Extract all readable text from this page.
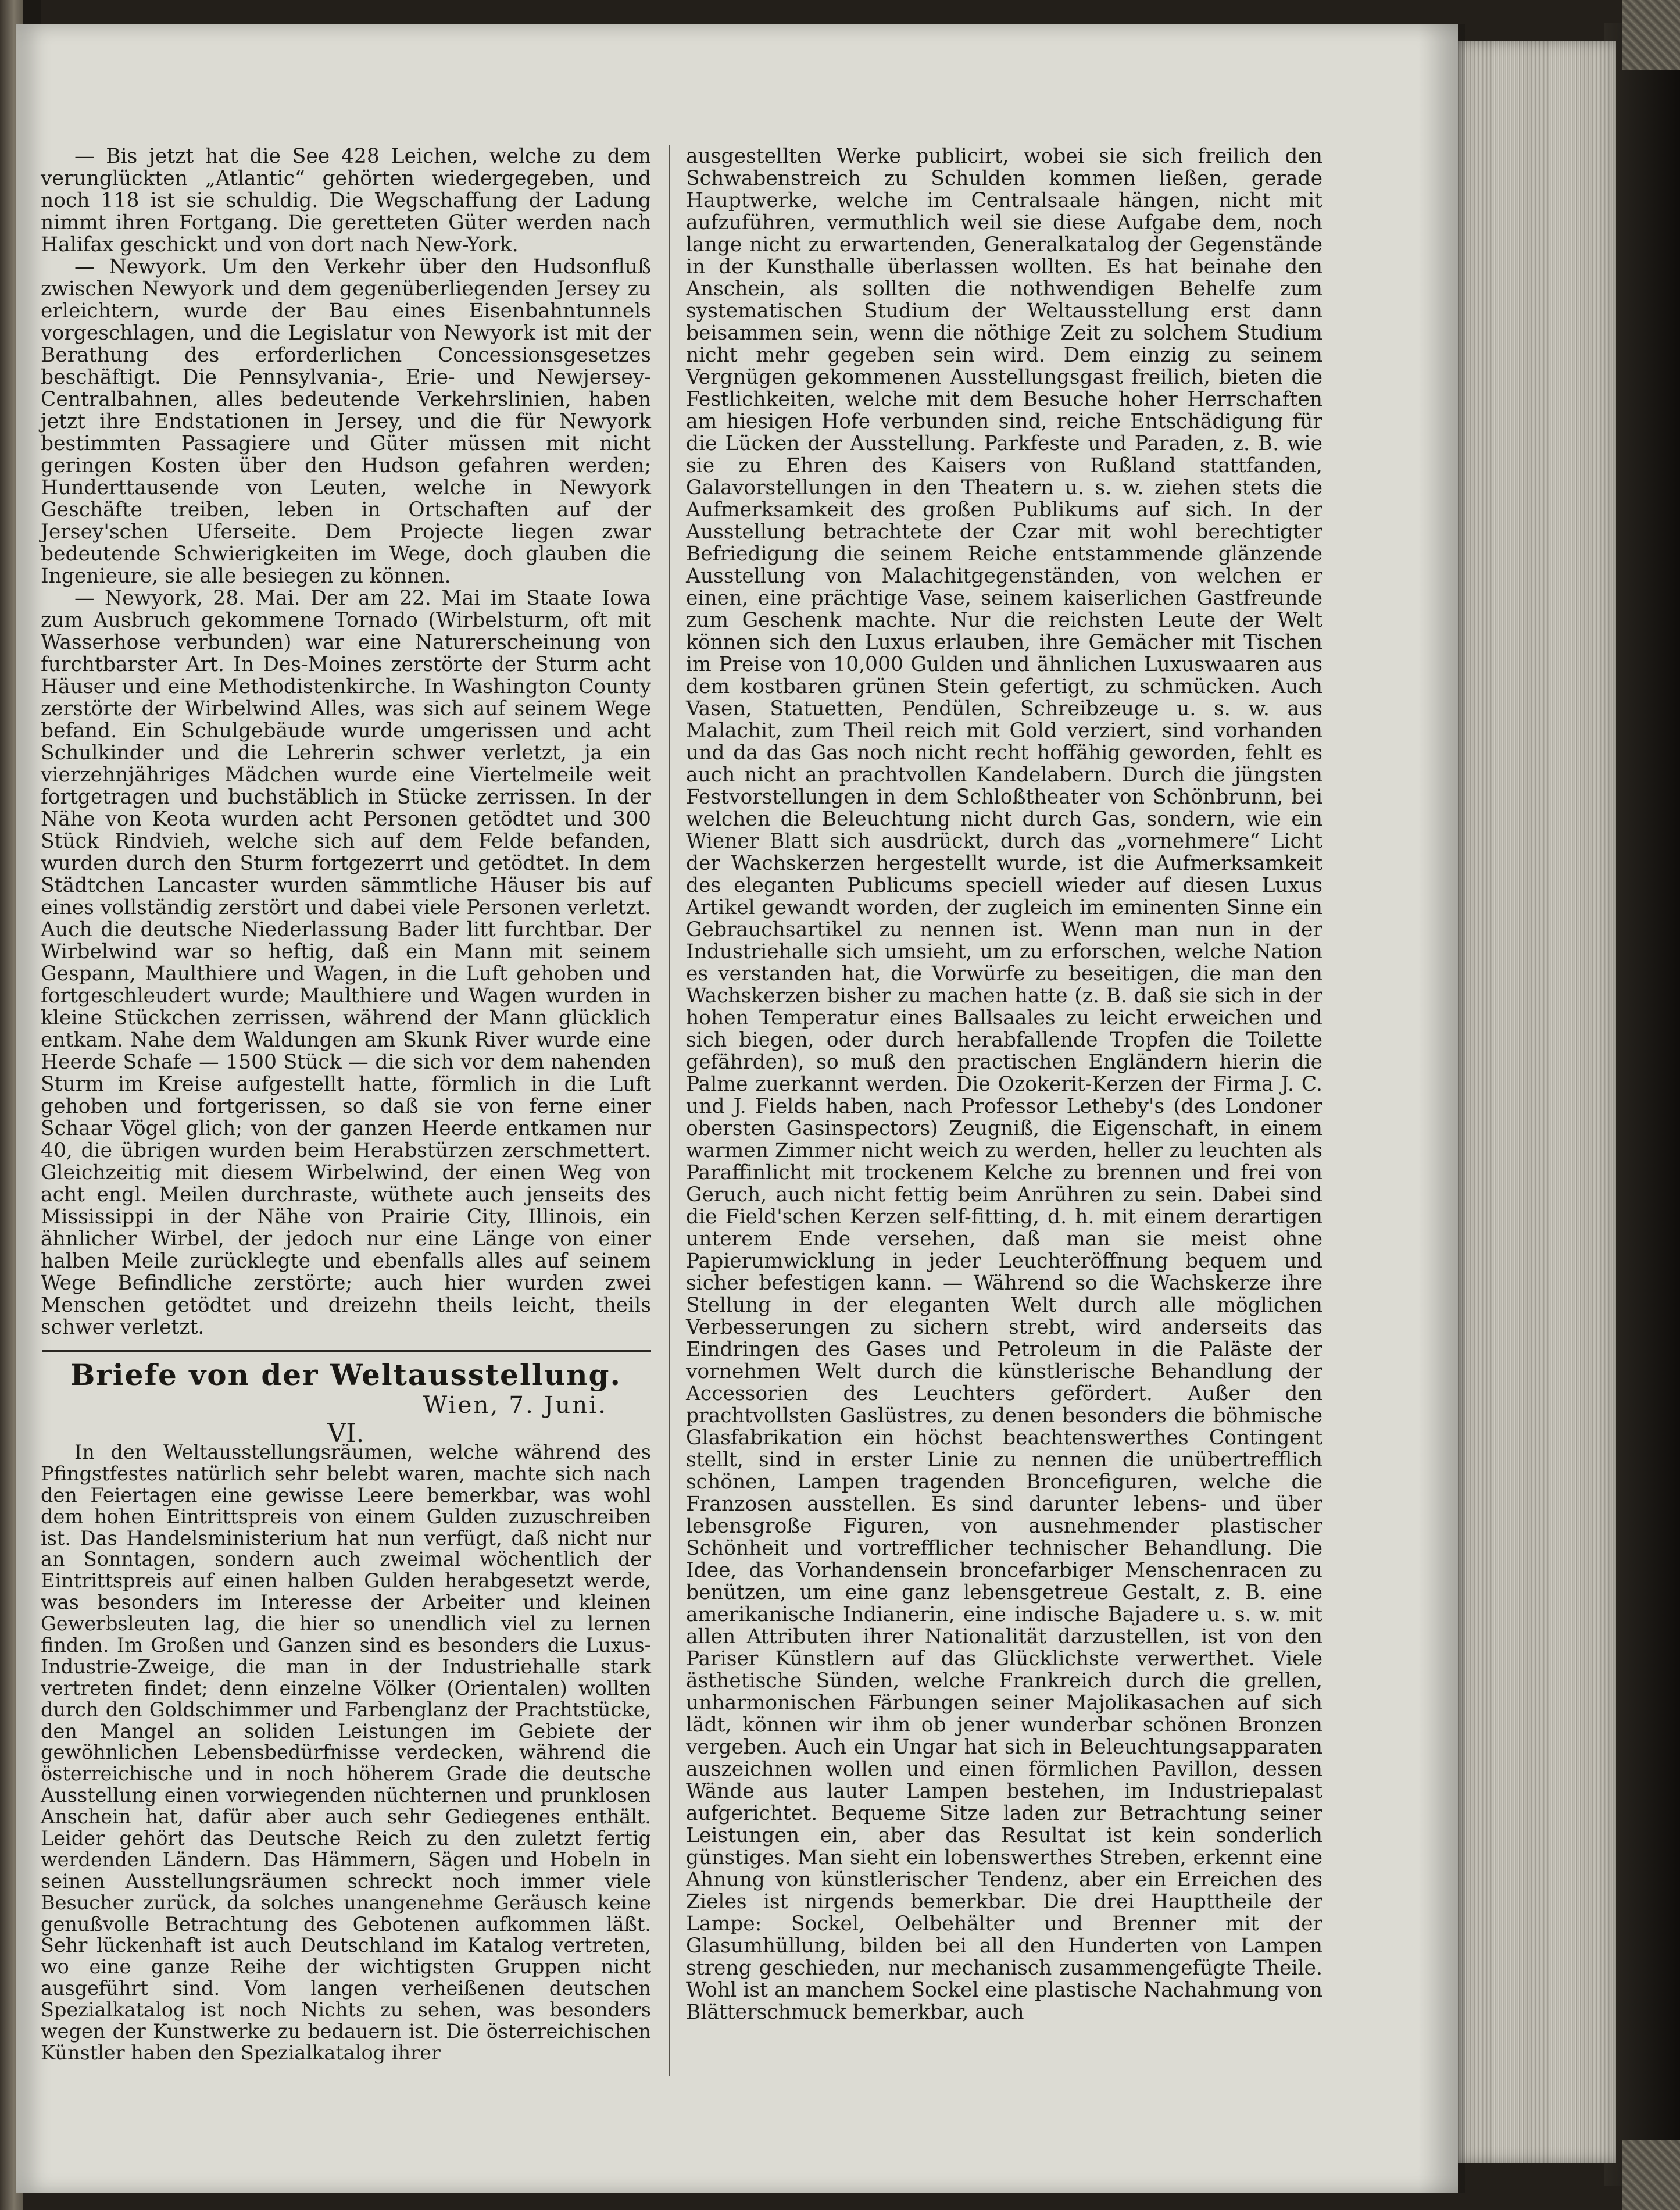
— Bis jetzt hat die See 428 Leichen, welche zu dem verunglückten „Atlantic“ gehörten wiedergegeben, und noch 118 ist sie schuldig. Die Wegschaffung der Ladung nimmt ihren Fortgang. Die geretteten Güter werden nach Halifax geschickt und von dort nach New-York.

— Newyork. Um den Verkehr über den Hudsonfluß zwischen Newyork und dem gegenüberliegenden Jersey zu erleichtern, wurde der Bau eines Eisenbahntunnels vorgeschlagen, und die Legislatur von Newyork ist mit der Berathung des erforderlichen Concessionsgesetzes beschäftigt. Die Pennsylvania-, Erie- und Newjersey-Centralbahnen, alles bedeutende Verkehrslinien, haben jetzt ihre Endstationen in Jersey, und die für Newyork bestimmten Passagiere und Güter müssen mit nicht geringen Kosten über den Hudson gefahren werden; Hunderttausende von Leuten, welche in Newyork Geschäfte treiben, leben in Ortschaften auf der Jersey'schen Uferseite. Dem Projecte liegen zwar bedeutende Schwierigkeiten im Wege, doch glauben die Ingenieure, sie alle besiegen zu können.

— Newyork, 28. Mai. Der am 22. Mai im Staate Iowa zum Ausbruch gekommene Tornado (Wirbelsturm, oft mit Wasserhose verbunden) war eine Naturerscheinung von furchtbarster Art. In Des-Moines zerstörte der Sturm acht Häuser und eine Methodistenkirche. In Washington County zerstörte der Wirbelwind Alles, was sich auf seinem Wege befand. Ein Schulgebäude wurde umgerissen und acht Schulkinder und die Lehrerin schwer verletzt, ja ein vierzehnjähriges Mädchen wurde eine Viertelmeile weit fortgetragen und buchstäblich in Stücke zerrissen. In der Nähe von Keota wurden acht Personen getödtet und 300 Stück Rindvieh, welche sich auf dem Felde befanden, wurden durch den Sturm fortgezerrt und getödtet. In dem Städtchen Lancaster wurden sämmtliche Häuser bis auf eines vollständig zerstört und dabei viele Personen verletzt. Auch die deutsche Niederlassung Bader litt furchtbar. Der Wirbelwind war so heftig, daß ein Mann mit seinem Gespann, Maulthiere und Wagen, in die Luft gehoben und fortgeschleudert wurde; Maulthiere und Wagen wurden in kleine Stückchen zerrissen, während der Mann glücklich entkam. Nahe dem Waldungen am Skunk River wurde eine Heerde Schafe — 1500 Stück — die sich vor dem nahenden Sturm im Kreise aufgestellt hatte, förmlich in die Luft gehoben und fortgerissen, so daß sie von ferne einer Schaar Vögel glich; von der ganzen Heerde entkamen nur 40, die übrigen wurden beim Herabstürzen zerschmettert. Gleichzeitig mit diesem Wirbelwind, der einen Weg von acht engl. Meilen durchraste, wüthete auch jenseits des Mississippi in der Nähe von Prairie City, Illinois, ein ähnlicher Wirbel, der jedoch nur eine Länge von einer halben Meile zurücklegte und ebenfalls alles auf seinem Wege Befindliche zerstörte; auch hier wurden zwei Menschen getödtet und dreizehn theils leicht, theils schwer verletzt.

Briefe von der Weltausstellung.
Wien, 7. Juni.
VI.

In den Weltausstellungsräumen, welche während des Pfingstfestes natürlich sehr belebt waren, machte sich nach den Feiertagen eine gewisse Leere bemerkbar, was wohl dem hohen Eintrittspreis von einem Gulden zuzuschreiben ist. Das Handelsministerium hat nun verfügt, daß nicht nur an Sonntagen, sondern auch zweimal wöchentlich der Eintrittspreis auf einen halben Gulden herabgesetzt werde, was besonders im Interesse der Arbeiter und kleinen Gewerbsleuten lag, die hier so unendlich viel zu lernen finden. Im Großen und Ganzen sind es besonders die Luxus-Industrie-Zweige, die man in der Industriehalle stark vertreten findet; denn einzelne Völker (Orientalen) wollten durch den Goldschimmer und Farbenglanz der Prachtstücke, den Mangel an soliden Leistungen im Gebiete der gewöhnlichen Lebensbedürfnisse verdecken, während die österreichische und in noch höherem Grade die deutsche Ausstellung einen vorwiegenden nüchternen und prunklosen Anschein hat, dafür aber auch sehr Gediegenes enthält. Leider gehört das Deutsche Reich zu den zuletzt fertig werdenden Ländern. Das Hämmern, Sägen und Hobeln in seinen Ausstellungsräumen schreckt noch immer viele Besucher zurück, da solches unangenehme Geräusch keine genußvolle Betrachtung des Gebotenen aufkommen läßt. Sehr lückenhaft ist auch Deutschland im Katalog vertreten, wo eine ganze Reihe der wichtigsten Gruppen nicht ausgeführt sind. Vom langen verheißenen deutschen Spezialkatalog ist noch Nichts zu sehen, was besonders wegen der Kunstwerke zu bedauern ist. Die österreichischen Künstler haben den Spezialkatalog ihrer

ausgestellten Werke publicirt, wobei sie sich freilich den Schwabenstreich zu Schulden kommen ließen, gerade Hauptwerke, welche im Centralsaale hängen, nicht mit aufzuführen, vermuthlich weil sie diese Aufgabe dem, noch lange nicht zu erwartenden, Generalkatalog der Gegenstände in der Kunsthalle überlassen wollten. Es hat beinahe den Anschein, als sollten die nothwendigen Behelfe zum systematischen Studium der Weltausstellung erst dann beisammen sein, wenn die nöthige Zeit zu solchem Studium nicht mehr gegeben sein wird. Dem einzig zu seinem Vergnügen gekommenen Ausstellungsgast freilich, bieten die Festlichkeiten, welche mit dem Besuche hoher Herrschaften am hiesigen Hofe verbunden sind, reiche Entschädigung für die Lücken der Ausstellung. Parkfeste und Paraden, z. B. wie sie zu Ehren des Kaisers von Rußland stattfanden, Galavorstellungen in den Theatern u. s. w. ziehen stets die Aufmerksamkeit des großen Publikums auf sich. In der Ausstellung betrachtete der Czar mit wohl berechtigter Befriedigung die seinem Reiche entstammende glänzende Ausstellung von Malachitgegenständen, von welchen er einen, eine prächtige Vase, seinem kaiserlichen Gastfreunde zum Geschenk machte. Nur die reichsten Leute der Welt können sich den Luxus erlauben, ihre Gemächer mit Tischen im Preise von 10,000 Gulden und ähnlichen Luxuswaaren aus dem kostbaren grünen Stein gefertigt, zu schmücken. Auch Vasen, Statuetten, Pendülen, Schreibzeuge u. s. w. aus Malachit, zum Theil reich mit Gold verziert, sind vorhanden und da das Gas noch nicht recht hoffähig geworden, fehlt es auch nicht an prachtvollen Kandelabern. Durch die jüngsten Festvorstellungen in dem Schloßtheater von Schönbrunn, bei welchen die Beleuchtung nicht durch Gas, sondern, wie ein Wiener Blatt sich ausdrückt, durch das „vornehmere“ Licht der Wachskerzen hergestellt wurde, ist die Aufmerksamkeit des eleganten Publicums speciell wieder auf diesen Luxus Artikel gewandt worden, der zugleich im eminenten Sinne ein Gebrauchsartikel zu nennen ist. Wenn man nun in der Industriehalle sich umsieht, um zu erforschen, welche Nation es verstanden hat, die Vorwürfe zu beseitigen, die man den Wachskerzen bisher zu machen hatte (z. B. daß sie sich in der hohen Temperatur eines Ballsaales zu leicht erweichen und sich biegen, oder durch herabfallende Tropfen die Toilette gefährden), so muß den practischen Engländern hierin die Palme zuerkannt werden. Die Ozokerit-Kerzen der Firma J. C. und J. Fields haben, nach Professor Letheby's (des Londoner obersten Gasinspectors) Zeugniß, die Eigenschaft, in einem warmen Zimmer nicht weich zu werden, heller zu leuchten als Paraffinlicht mit trockenem Kelche zu brennen und frei von Geruch, auch nicht fettig beim Anrühren zu sein. Dabei sind die Field'schen Kerzen self-fitting, d. h. mit einem derartigen unterem Ende versehen, daß man sie meist ohne Papierumwicklung in jeder Leuchteröffnung bequem und sicher befestigen kann. — Während so die Wachskerze ihre Stellung in der eleganten Welt durch alle möglichen Verbesserungen zu sichern strebt, wird anderseits das Eindringen des Gases und Petroleum in die Paläste der vornehmen Welt durch die künstlerische Behandlung der Accessorien des Leuchters gefördert. Außer den prachtvollsten Gaslüstres, zu denen besonders die böhmische Glasfabrikation ein höchst beachtenswerthes Contingent stellt, sind in erster Linie zu nennen die unübertrefflich schönen, Lampen tragenden Broncefiguren, welche die Franzosen ausstellen. Es sind darunter lebens- und über lebensgroße Figuren, von ausnehmender plastischer Schönheit und vortrefflicher technischer Behandlung. Die Idee, das Vorhandensein broncefarbiger Menschenracen zu benützen, um eine ganz lebensgetreue Gestalt, z. B. eine amerikanische Indianerin, eine indische Bajadere u. s. w. mit allen Attributen ihrer Nationalität darzustellen, ist von den Pariser Künstlern auf das Glücklichste verwerthet. Viele ästhetische Sünden, welche Frankreich durch die grellen, unharmonischen Färbungen seiner Majolikasachen auf sich lädt, können wir ihm ob jener wunderbar schönen Bronzen vergeben. Auch ein Ungar hat sich in Beleuchtungsapparaten auszeichnen wollen und einen förmlichen Pavillon, dessen Wände aus lauter Lampen bestehen, im Industriepalast aufgerichtet. Bequeme Sitze laden zur Betrachtung seiner Leistungen ein, aber das Resultat ist kein sonderlich günstiges. Man sieht ein lobenswerthes Streben, erkennt eine Ahnung von künstlerischer Tendenz, aber ein Erreichen des Zieles ist nirgends bemerkbar. Die drei Haupttheile der Lampe: Sockel, Oelbehälter und Brenner mit der Glasumhüllung, bilden bei all den Hunderten von Lampen streng geschieden, nur mechanisch zusammengefügte Theile. Wohl ist an manchem Sockel eine plastische Nachahmung von Blätterschmuck bemerkbar, auch
